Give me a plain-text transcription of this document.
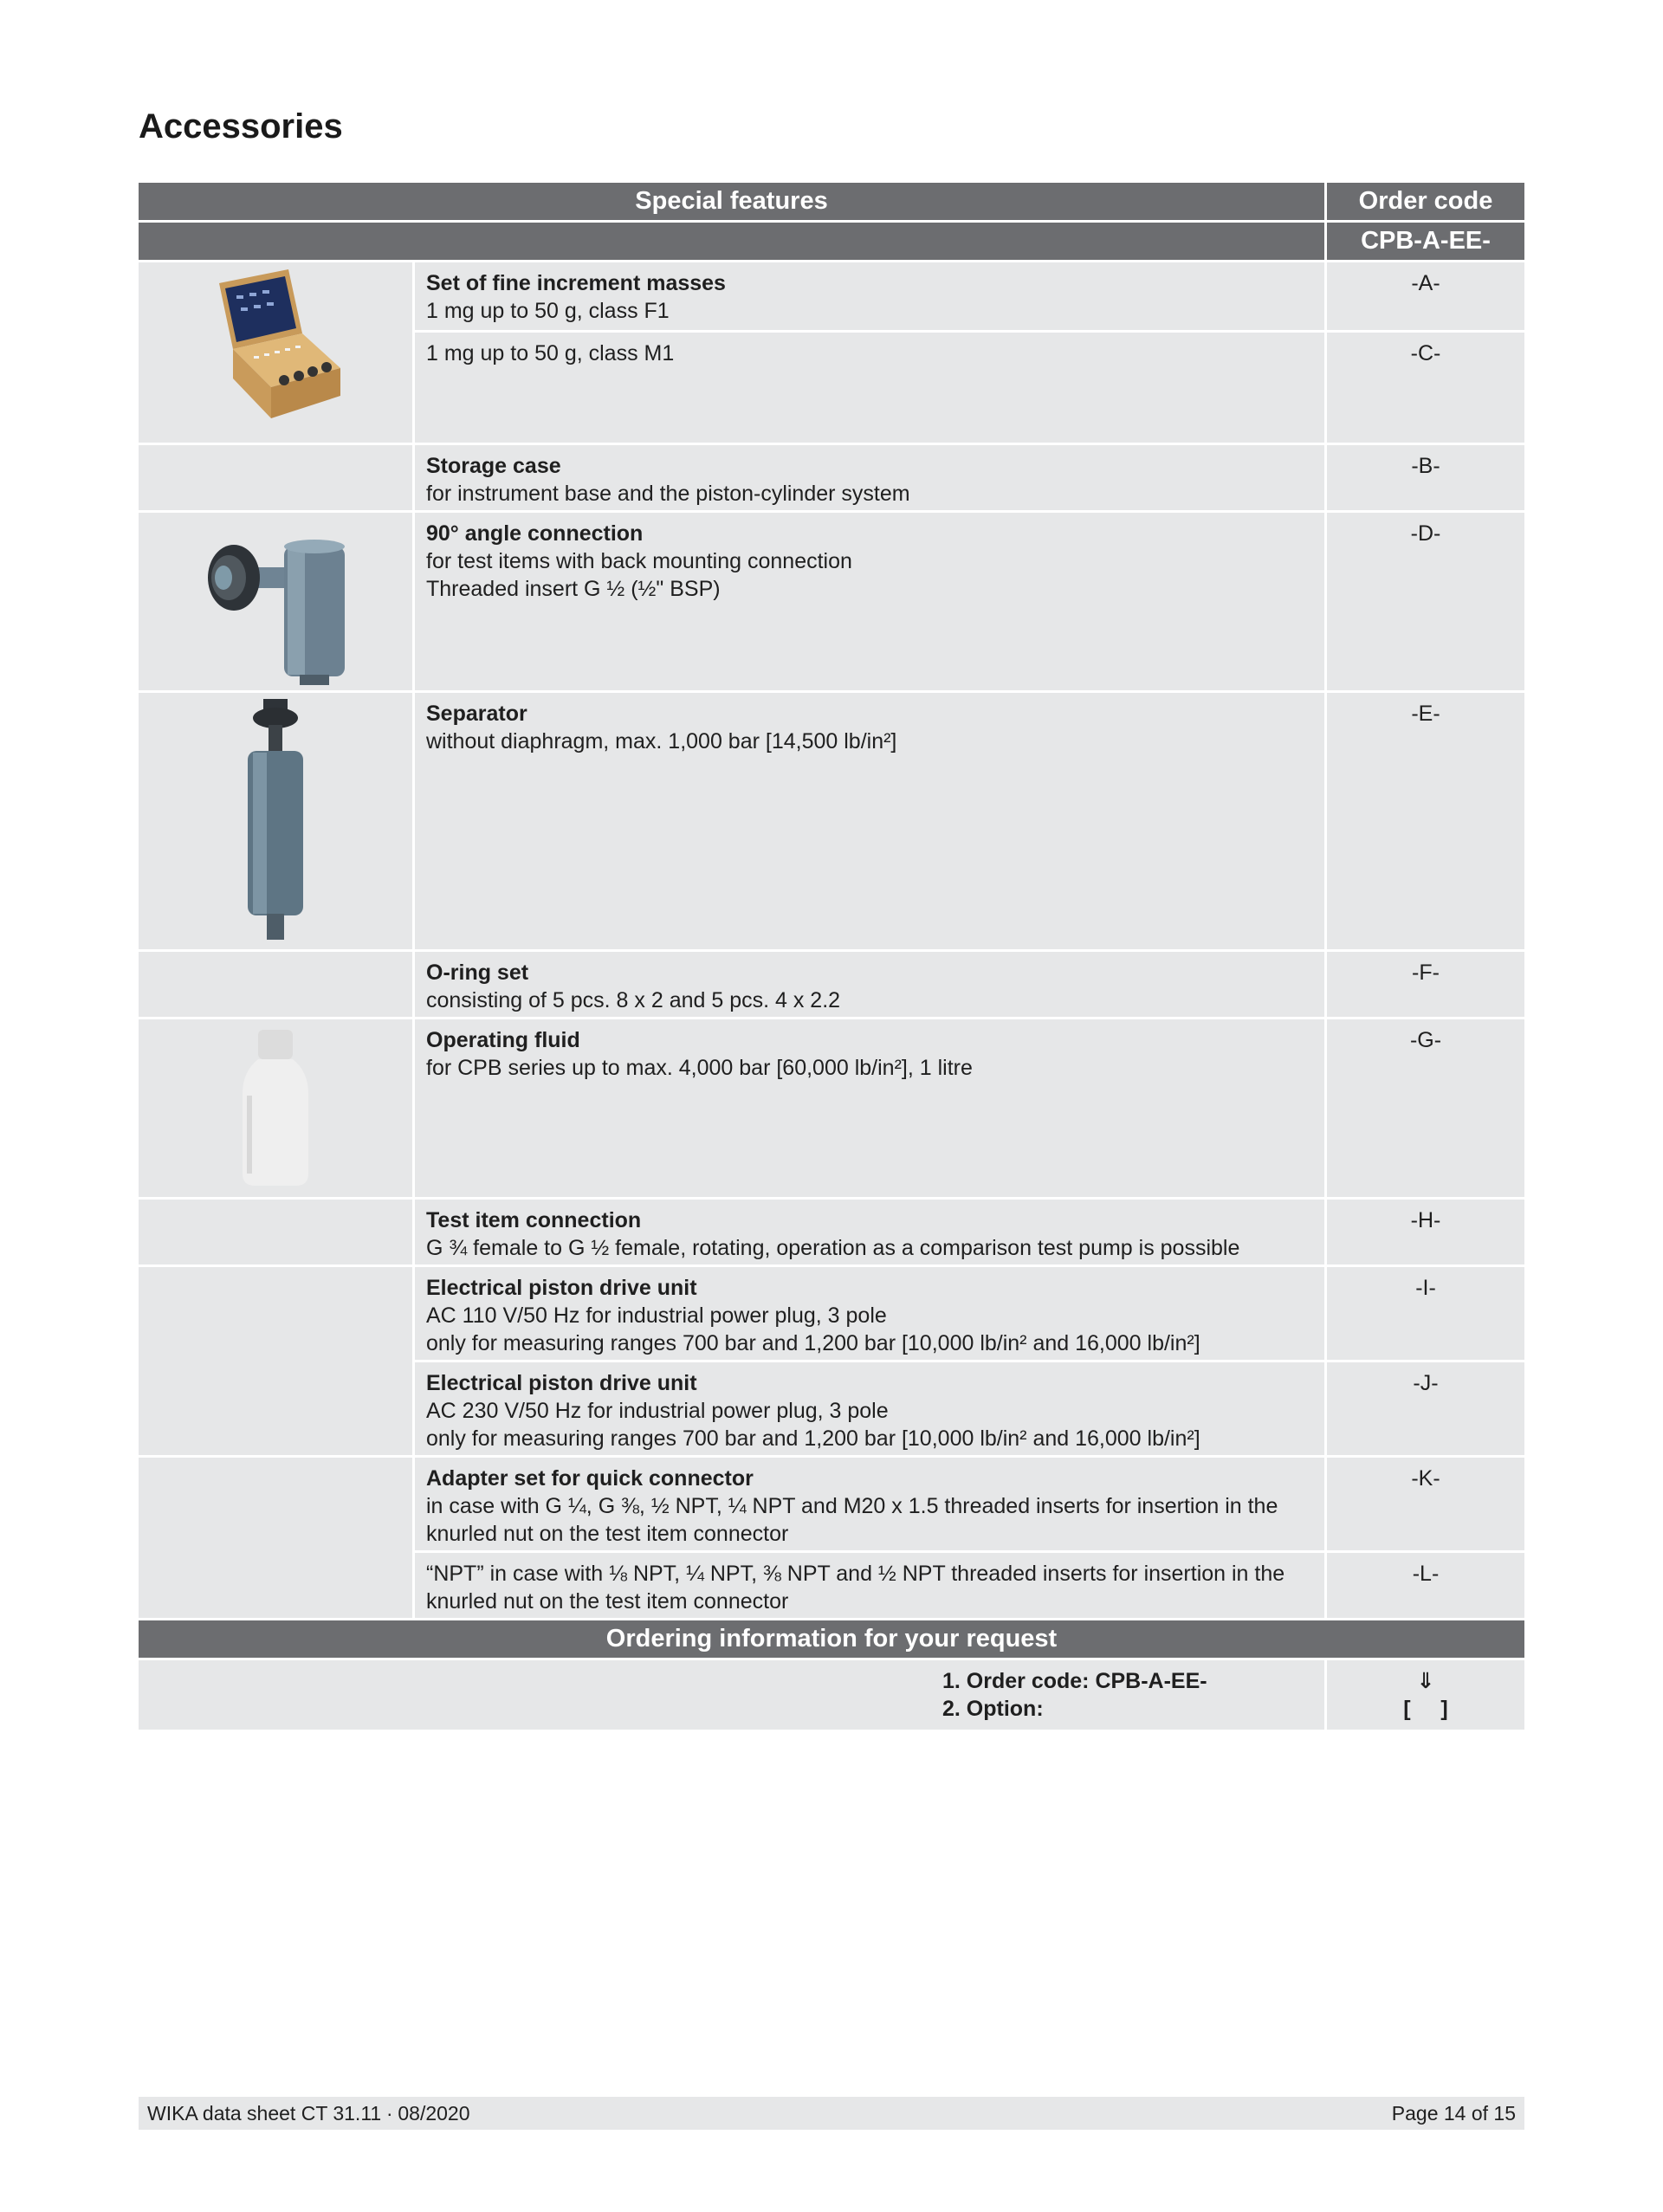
Accessories
Special features	Order code
CPB-A-EE-
Set of fine increment masses
1 mg up to 50 g, class F1
-A-
1 mg up to 50 g, class M1	-C-
Storage case
for instrument base and the piston-cylinder system
-B-
90° angle connection
for test items with back mounting connection
Threaded insert G ½ (½" BSP)
-D-
Separator
without diaphragm, max. 1,000 bar [14,500 lb/in²]
-E-
O-ring set
consisting of 5 pcs. 8 x 2 and 5 pcs. 4 x 2.2
-F-
Operating fluid
for CPB series up to max. 4,000 bar [60,000 lb/in²], 1 litre
-G-
Test item connection
G ¾ female to G ½ female, rotating, operation as a comparison test pump is possible
-H-
Electrical piston drive unit
AC 110 V/50 Hz for industrial power plug, 3 pole
only for measuring ranges 700 bar and 1,200 bar [10,000 lb/in² and 16,000 lb/in²]
-I-
Electrical piston drive unit
AC 230 V/50 Hz for industrial power plug, 3 pole
only for measuring ranges 700 bar and 1,200 bar [10,000 lb/in² and 16,000 lb/in²]
-J-
Adapter set for quick connector
in case with G ¼, G ⅜, ½ NPT, ¼ NPT and M20 x 1.5 threaded inserts for insertion in the knurled nut on the test item connector
-K-
“NPT” in case with ⅛ NPT, ¼ NPT, ⅜ NPT and ½ NPT threaded inserts for insertion in the knurled nut on the test item connector
-L-
Ordering information for your request
1. Order code: CPB-A-EE-
2. Option:
⇓
[     ]
WIKA data sheet CT 31.11 ∙ 08/2020	Page 14 of 15
